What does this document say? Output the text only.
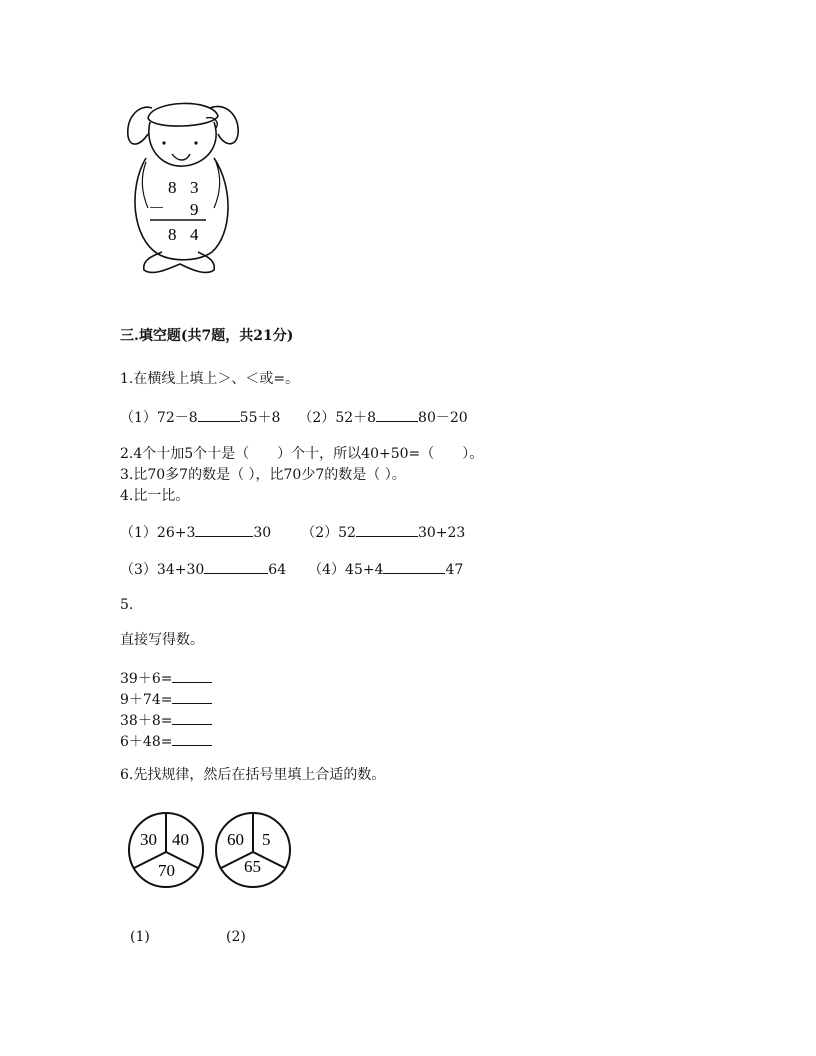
8 3
－ 9
8 4
三.填空题(共7题，共21分)
1.在横线上填上＞、＜或=。
（1） 72－8	55＋8 （2） 52＋8	80－20
2.4个十加5个十是（　　）个十，所以40+50=（　　）。
3.比70多7的数是（ ），比70少7的数是（ ）。
4.比一比。
（1） 26+3	30 （2） 52	30+23
（3） 34+30	64 （4） 45+4	47
5.
直接写得数。
39＋6=
9＋74=
38＋8=
6＋48=
6.先找规律，然后在括号里填上合适的数。
30 40
70
60 5
65
(1)	(2)
